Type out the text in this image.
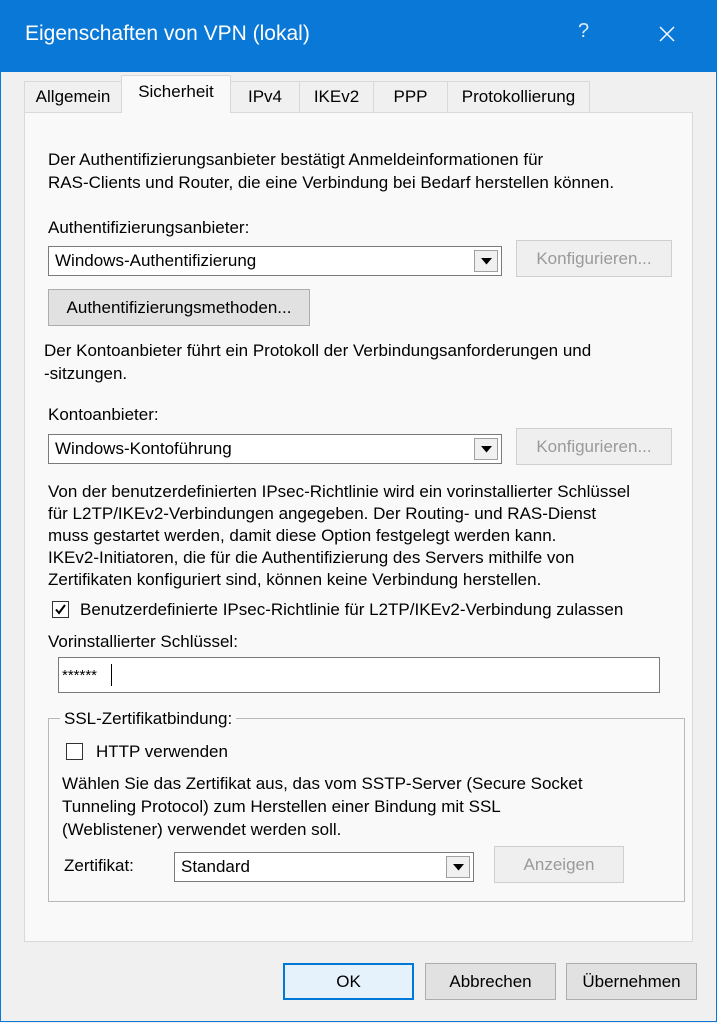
Eigenschaften von VPN (lokal)	?
Allgemein	Sicherheit	IPv4	IKEv2	PPP	Protokollierung
Der Authentifizierungsanbieter bestätigt Anmeldeinformationen für
RAS-Clients und Router, die eine Verbindung bei Bedarf herstellen können.
Authentifizierungsanbieter:
Windows-Authentifizierung	Konfigurieren...
Authentifizierungsmethoden...
Der Kontoanbieter führt ein Protokoll der Verbindungsanforderungen und
-sitzungen.
Kontoanbieter:
Windows-Kontoführung	Konfigurieren...
Von der benutzerdefinierten IPsec-Richtlinie wird ein vorinstallierter Schlüssel
für L2TP/IKEv2-Verbindungen angegeben. Der Routing- und RAS-Dienst
muss gestartet werden, damit diese Option festgelegt werden kann.
IKEv2-Initiatoren, die für die Authentifizierung des Servers mithilfe von
Zertifikaten konfiguriert sind, können keine Verbindung herstellen.
Benutzerdefinierte IPsec-Richtlinie für L2TP/IKEv2-Verbindung zulassen
Vorinstallierter Schlüssel:
******
SSL-Zertifikatbindung:
HTTP verwenden
Wählen Sie das Zertifikat aus, das vom SSTP-Server (Secure Socket
Tunneling Protocol) zum Herstellen einer Bindung mit SSL
(Weblistener) verwendet werden soll.
Zertifikat:	Standard	Anzeigen
OK	Abbrechen	Übernehmen
